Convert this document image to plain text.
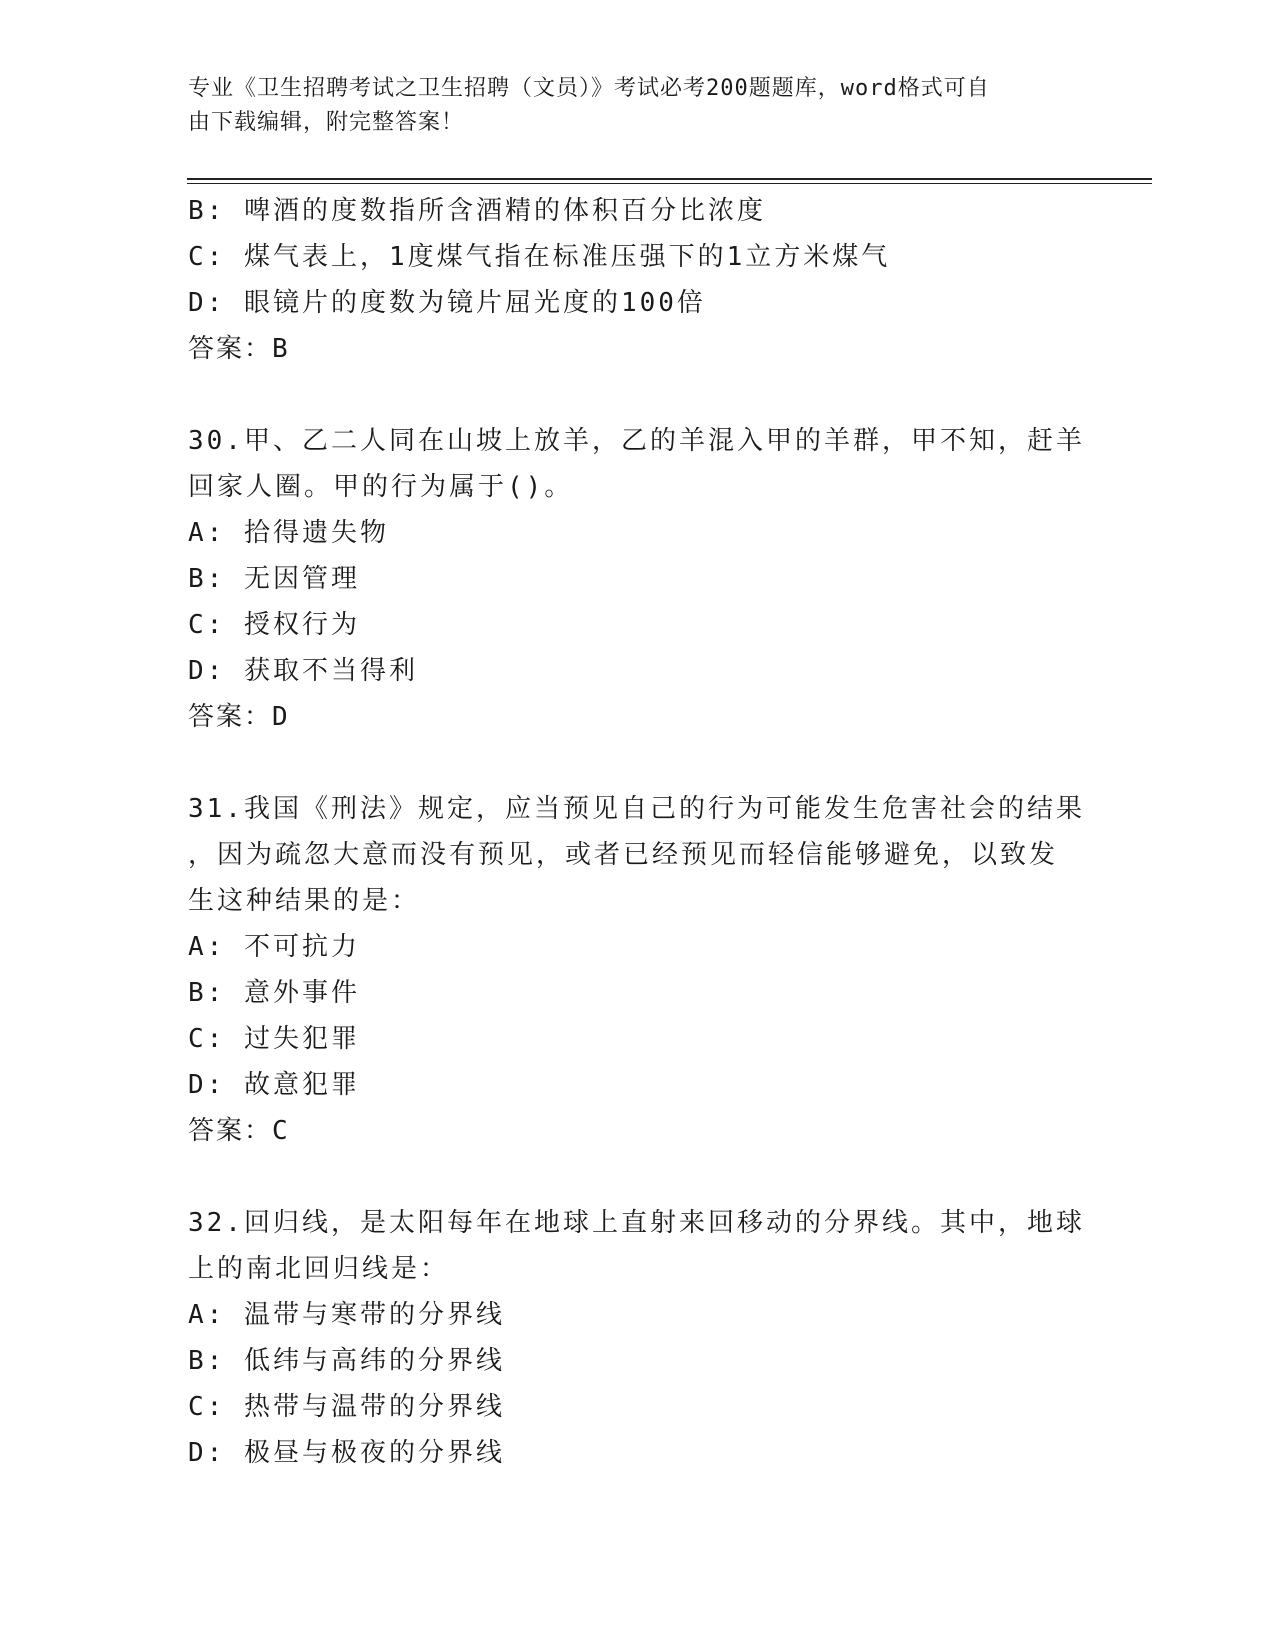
专业《卫生招聘考试之卫生招聘（文员）》考试必考200题题库，word格式可自
由下载编辑，附完整答案！
B: 啤酒的度数指所含酒精的体积百分比浓度
C: 煤气表上，1度煤气指在标准压强下的1立方米煤气
D: 眼镜片的度数为镜片屈光度的100倍
答案：B
30.甲、乙二人同在山坡上放羊，乙的羊混入甲的羊群，甲不知，赶羊
回家人圈。甲的行为属于()。
A: 拾得遗失物
B: 无因管理
C: 授权行为
D: 获取不当得利
答案：D
31.我国《刑法》规定，应当预见自己的行为可能发生危害社会的结果
，因为疏忽大意而没有预见，或者已经预见而轻信能够避免，以致发
生这种结果的是：
A: 不可抗力
B: 意外事件
C: 过失犯罪
D: 故意犯罪
答案：C
32.回归线，是太阳每年在地球上直射来回移动的分界线。其中，地球
上的南北回归线是：
A: 温带与寒带的分界线
B: 低纬与高纬的分界线
C: 热带与温带的分界线
D: 极昼与极夜的分界线
